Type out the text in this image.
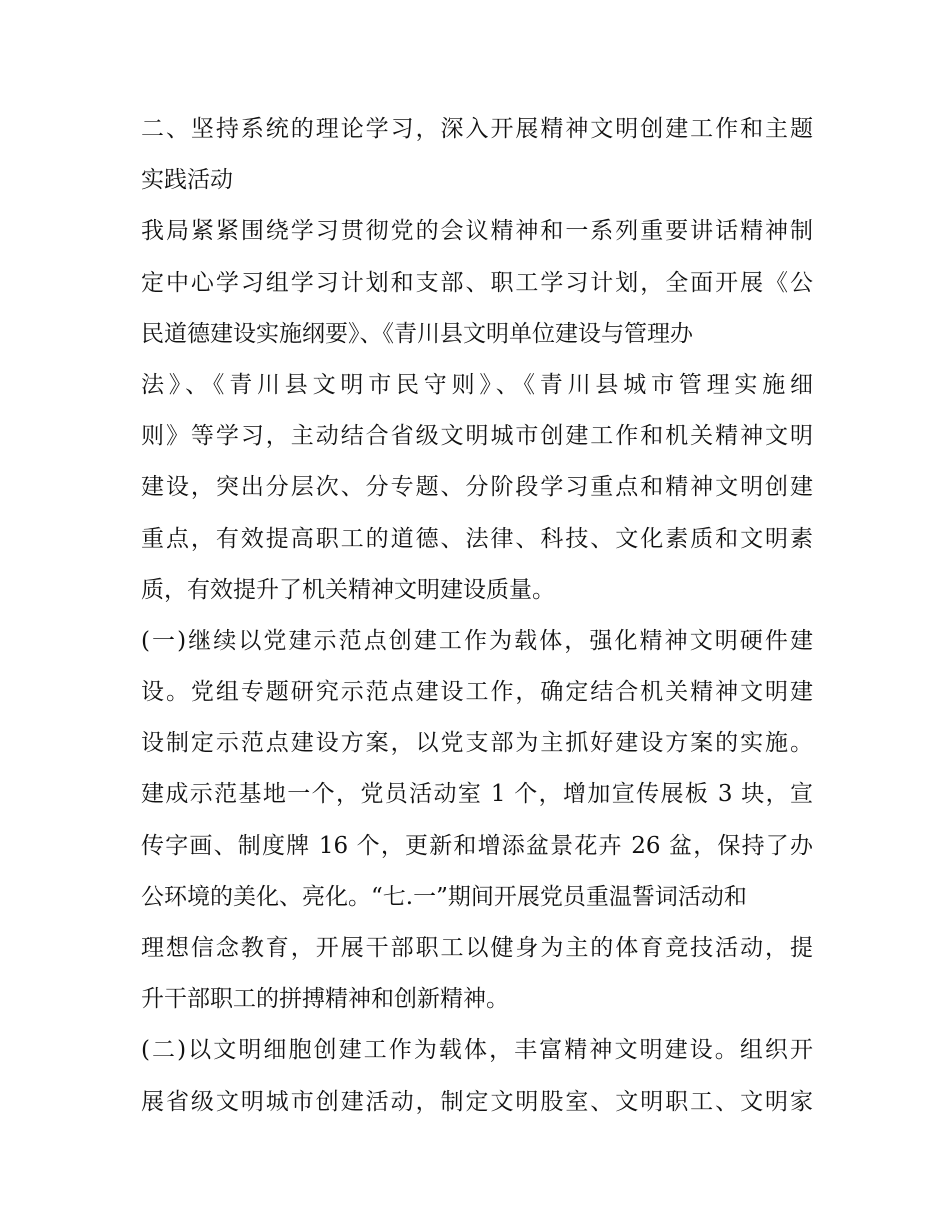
二、坚持系统的理论学习，深入开展精神文明创建工作和主题
实践活动
我局紧紧围绕学习贯彻党的会议精神和一系列重要讲话精神制
定中心学习组学习计划和支部、职工学习计划，全面开展《公
民道德建设实施纲要》、《青川县文明单位建设与管理办
法》、《青川县文明市民守则》、《青川县城市管理实施细
则》等学习，主动结合省级文明城市创建工作和机关精神文明
建设，突出分层次、分专题、分阶段学习重点和精神文明创建
重点，有效提高职工的道德、法律、科技、文化素质和文明素
质，有效提升了机关精神文明建设质量。
(一)继续以党建示范点创建工作为载体，强化精神文明硬件建
设。党组专题研究示范点建设工作，确定结合机关精神文明建
设制定示范点建设方案，以党支部为主抓好建设方案的实施。
建成示范基地一个，党员活动室 1 个，增加宣传展板 3 块，宣
传字画、制度牌 16 个，更新和增添盆景花卉 26 盆，保持了办
公环境的美化、亮化。“七.一”期间开展党员重温誓词活动和
理想信念教育，开展干部职工以健身为主的体育竞技活动，提
升干部职工的拼搏精神和创新精神。
(二)以文明细胞创建工作为载体，丰富精神文明建设。组织开
展省级文明城市创建活动，制定文明股室、文明职工、文明家
